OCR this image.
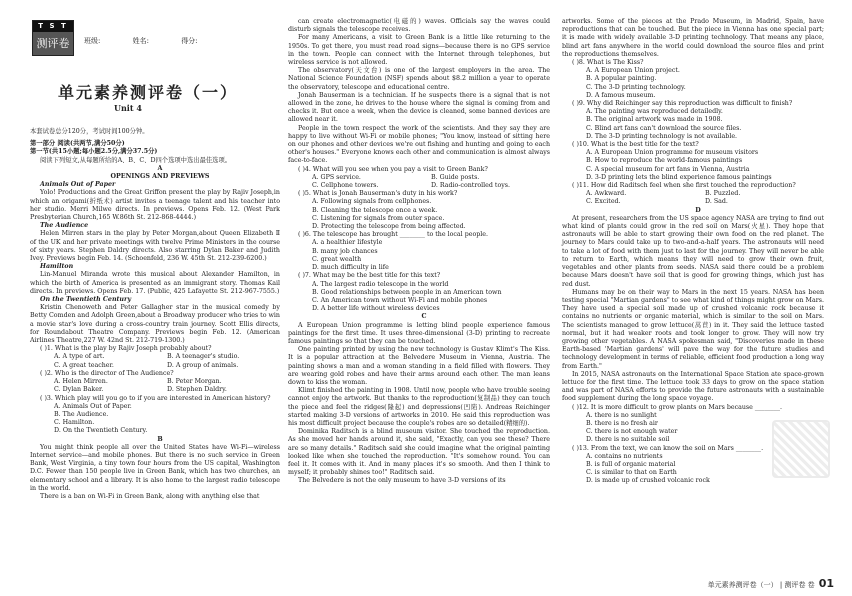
T S T
测评卷	班级:	姓名:	得分:
单元素养测评卷（一）
Unit 4

本套试卷总分120分，考试时间100分钟。

第一部分 阅读(共两节,满分50分)

第一节(共15小题;每小题2.5分,满分37.5分)

阅读下列短文,从每题所给的A、B、C、D四个选项中选出最佳选项。

A

OPENINGS AND PREVIEWS

Animals Out of Paper

Yolo! Productions and the Great Griffon present the play by Rajiv Joseph,in which an origami(折纸术) artist invites a teenage talent and his teacher into her studio. Merri Milwe directs. In previews. Opens Feb. 12. (West Park Presbyterian Church,165 W.86th St. 212-868-4444.)

The Audience

Helen Mirren stars in the play by Peter Morgan,about Queen Elizabeth Ⅱ of the UK and her private meetings with twelve Prime Ministers in the course of sixty years. Stephen Daldry directs. Also starring Dylan Baker and Judith Ivey. Previews begin Feb. 14. (Schoenfeld, 236 W. 45th St. 212-239-6200.)

Hamilton

Lin-Manuel Miranda wrote this musical about Alexander Hamilton, in which the birth of America is presented as an immigrant story. Thomas Kail directs. In previews. Opens Feb. 17. (Public, 425 Lafayette St. 212-967-7555.)

On the Twentieth Century

Kristin Chenoweth and Peter Gallagher star in the musical comedy by Betty Comden and Adolph Green,about a Broadway producer who tries to win a movie star's love during a cross-country train journey. Scott Ellis directs, for Roundabout Theatre Company. Previews begin Feb. 12. (American Airlines Theatre,227 W. 42nd St. 212-719-1300.)

( )1. What is the play by Rajiv Joseph probably about?

A. A type of art.	B. A teenager's studio.
C. A great teacher.	D. A group of animals.

( )2. Who is the director of The Audience?

A. Helen Mirren.	B. Peter Morgan.
C. Dylan Baker.	D. Stephen Daldry.

( )3. Which play will you go to if you are interested in American history?

A. Animals Out of Paper.
B. The Audience.
C. Hamilton.
D. On the Twentieth Century.

B

You might think people all over the United States have Wi-Fi—wireless Internet service—and mobile phones. But there is no such service in Green Bank, West Virginia, a tiny town four hours from the US capital, Washington D.C. Fewer than 150 people live in Green Bank, which has two churches, an elementary school and a library. It is also home to the largest radio telescope in the world.

There is a ban on Wi-Fi in Green Bank, along with anything else that

can create electromagnetic(电磁的) waves. Officials say the waves could disturb signals the telescope receives.

For many Americans, a visit to Green Bank is a little like returning to the 1950s. To get there, you must read road signs—because there is no GPS service in the town. People can connect with the Internet through telephones, but wireless service is not allowed.

The observatory(天文台) is one of the largest employers in the area. The National Science Foundation (NSF) spends about $8.2 million a year to operate the observatory, telescope and educational centre.

Jonah Bauserman is a technician. If he suspects there is a signal that is not allowed in the zone, he drives to the house where the signal is coming from and checks it. But once a week, when the device is cleaned, some banned devices are allowed near it.

People in the town respect the work of the scientists. And they say they are happy to live without Wi-Fi or mobile phones; "You know, instead of sitting here on our phones and other devices we're out fishing and hunting and going to each other's houses." Everyone knows each other and communication is almost always face-to-face.

( )4. What will you see when you pay a visit to Green Bank?

A. GPS service.	B. Guide posts.
C. Cellphone towers.	D. Radio-controlled toys.

( )5. What is Jonah Bauserman's duty in his work?

A. Following signals from cellphones.
B. Cleaning the telescope once a week.
C. Listening for signals from outer space.
D. Protecting the telescope from being affected.

( )6. The telescope has brought ________ to the local people.

A. a healthier lifestyle
B. many job chances
C. great wealth
D. much difficulty in life

( )7. What may be the best title for this text?

A. The largest radio telescope in the world
B. Good relationships between people in an American town
C. An American town without Wi-Fi and mobile phones
D. A better life without wireless devices

C

A European Union programme is letting blind people experience famous paintings for the first time. It uses three-dimensional (3-D) printing to recreate famous paintings so that they can be touched.

One painting printed by using the new technology is Gustav Klimt's The Kiss. It is a popular attraction at the Belvedere Museum in Vienna, Austria. The painting shows a man and a woman standing in a field filled with flowers. They are wearing gold robes and have their arms around each other. The man leans down to kiss the woman.

Klimt finished the painting in 1908. Until now, people who have trouble seeing cannot enjoy the artwork. But thanks to the reproduction(复制品) they can touch the piece and feel the ridges(隆起) and depressions(凹陷). Andreas Reichinger started making 3-D versions of artworks in 2010. He said this reproduction was his most difficult project because the couple's robes are so detailed(精细的).

Dominika Raditsch is a blind museum visitor. She touched the reproduction. As she moved her hands around it, she said, "Exactly, can you see these? There are so many details." Raditsch said she could imagine what the original painting looked like when she touched the reproduction. "It's somehow round. You can feel it. It comes with it. And in many places it's so smooth. And then I think to myself; it probably shines too!" Raditsch said.

The Belvedere is not the only museum to have 3-D versions of its

artworks. Some of the pieces at the Prado Museum, in Madrid, Spain, have reproductions that can be touched. But the piece in Vienna has one special part; it is made with widely available 3-D printing technology. That means any place, blind art fans anywhere in the world could download the source files and print the reproductions themselves.

( )8. What is The Kiss?

A. A European Union project.
B. A popular painting.
C. The 3-D printing technology.
D. A famous museum.

( )9. Why did Reichinger say this reproduction was difficult to finish?

A. The painting was reproduced detailedly.
B. The original artwork was made in 1908.
C. Blind art fans can't download the source files.
D. The 3-D printing technology is not available.

( )10. What is the best title for the text?

A. A European Union programme for museum visitors
B. How to reproduce the world-famous paintings
C. A special museum for art fans in Vienna, Austria
D. 3-D printing lets the blind experience famous paintings

( )11. How did Raditsch feel when she first touched the reproduction?

A. Awkward.	B. Puzzled.
C. Excited.	D. Sad.

D

At present, researchers from the US space agency NASA are trying to find out what kind of plants could grow in the red soil on Mars(火星). They hope that astronauts will be able to start growing their own food on the red planet. The journey to Mars could take up to two-and-a-half years. The astronauts will need to take a lot of food with them just to last for the journey. They will never be able to return to Earth, which means they will need to grow their own fruit, vegetables and other plants from seeds. NASA said there could be a problem because Mars doesn't have soil that is good for growing things, which just has red dust.

Humans may be on their way to Mars in the next 15 years. NASA has been testing special "Martian gardens" to see what kind of things might grow on Mars. They have used a special soil made up of crushed volcanic rock because it contains no nutrients or organic material, which is similar to the soil on Mars. The scientists managed to grow lettuce(莴苣) in it. They said the lettuce tasted normal, but it had weaker roots and took longer to grow. They will now try growing other vegetables. A NASA spokesman said, "Discoveries made in these Earth-based 'Martian gardens' will pave the way for the future studies and technology development in terms of reliable, efficient food production a long way from Earth."

In 2015, NASA astronauts on the International Space Station ate space-grown lettuce for the first time. The lettuce took 33 days to grow on the space station and was part of NASA efforts to provide the future astronauts with a sustainable food supplement during the long space voyage.

( )12. It is more difficult to grow plants on Mars because ________.

A. there is no sunlight
B. there is no fresh air
C. there is not enough water
D. there is no suitable soil

( )13. From the text, we can know the soil on Mars ________.

A. contains no nutrients
B. is full of organic material
C. is similar to that on Earth
D. is made up of crushed volcanic rock
单元素养测评卷（一） | 测评卷 卷 01
